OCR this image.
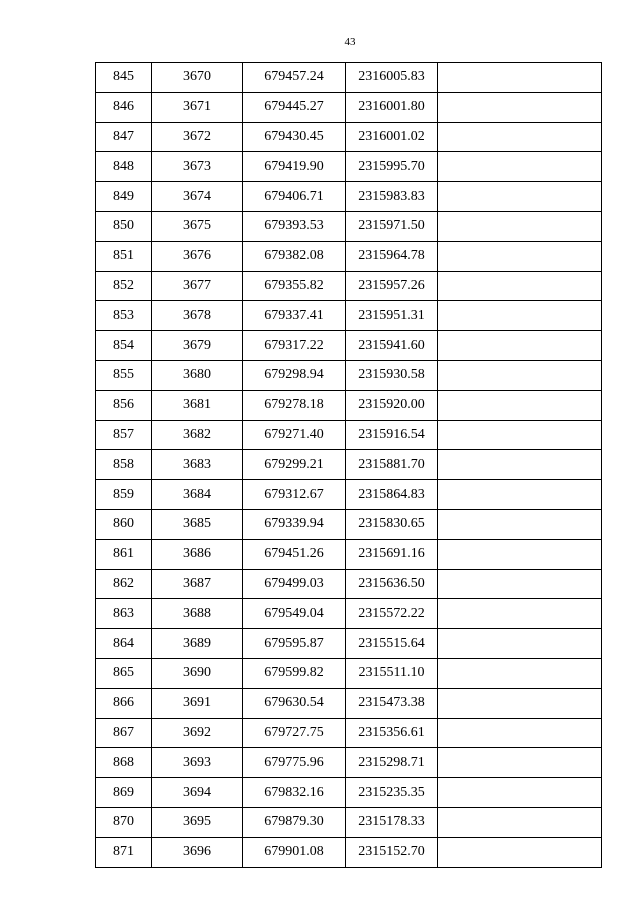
43
845	3670	679457.24	2316005.83	
846	3671	679445.27	2316001.80	
847	3672	679430.45	2316001.02	
848	3673	679419.90	2315995.70	
849	3674	679406.71	2315983.83	
850	3675	679393.53	2315971.50	
851	3676	679382.08	2315964.78	
852	3677	679355.82	2315957.26	
853	3678	679337.41	2315951.31	
854	3679	679317.22	2315941.60	
855	3680	679298.94	2315930.58	
856	3681	679278.18	2315920.00	
857	3682	679271.40	2315916.54	
858	3683	679299.21	2315881.70	
859	3684	679312.67	2315864.83	
860	3685	679339.94	2315830.65	
861	3686	679451.26	2315691.16	
862	3687	679499.03	2315636.50	
863	3688	679549.04	2315572.22	
864	3689	679595.87	2315515.64	
865	3690	679599.82	2315511.10	
866	3691	679630.54	2315473.38	
867	3692	679727.75	2315356.61	
868	3693	679775.96	2315298.71	
869	3694	679832.16	2315235.35	
870	3695	679879.30	2315178.33	
871	3696	679901.08	2315152.70	
